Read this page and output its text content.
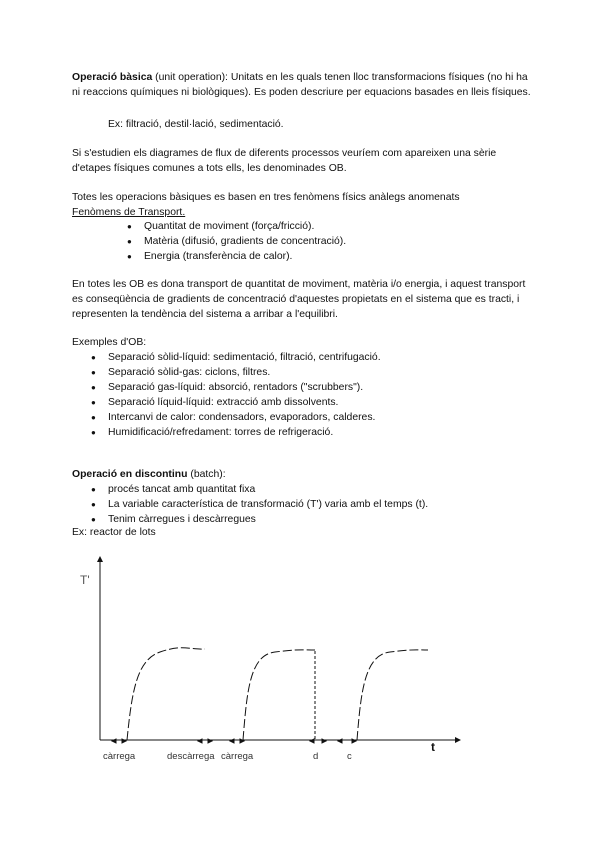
Operació bàsica (unit operation): Unitats en les quals tenen lloc transformacions físiques (no hi ha ni reaccions químiques ni biològiques). Es poden descriure per equacions basades en lleis físiques.

Ex: filtració, destil·lació, sedimentació.

Si s'estudien els diagrames de flux de diferents processos veuríem com apareixen una sèrie d'etapes físiques comunes a tots ells, les denominades OB.

Totes les operacions bàsiques es basen en tres fenòmens físics anàlegs anomenats
Fenòmens de Transport.

● Quantitat de moviment (força/fricció).
● Matèria (difusió, gradients de concentració).
● Energia (transferència de calor).

En totes les OB es dona transport de quantitat de moviment, matèria i/o energia, i aquest transport es conseqüència de gradients de concentració d'aquestes propietats en el sistema que es tracti, i representen la tendència del sistema a arribar a l'equilibri.

Exemples d'OB:

● Separació sòlid-líquid: sedimentació, filtració, centrifugació.
● Separació sòlid-gas: ciclons, filtres.
● Separació gas-líquid: absorció, rentadors ("scrubbers").
● Separació líquid-líquid: extracció amb dissolvents.
● Intercanvi de calor: condensadors, evaporadors, calderes.
● Humidificació/refredament: torres de refrigeració.

Operació en discontinu (batch):

● procés tancat amb quantitat fixa
● La variable característica de transformació (T') varia amb el temps (t).
● Tenim càrregues i descàrregues

Ex: reactor de lots

T'
t
càrrega	descàrrega càrrega	d	c
